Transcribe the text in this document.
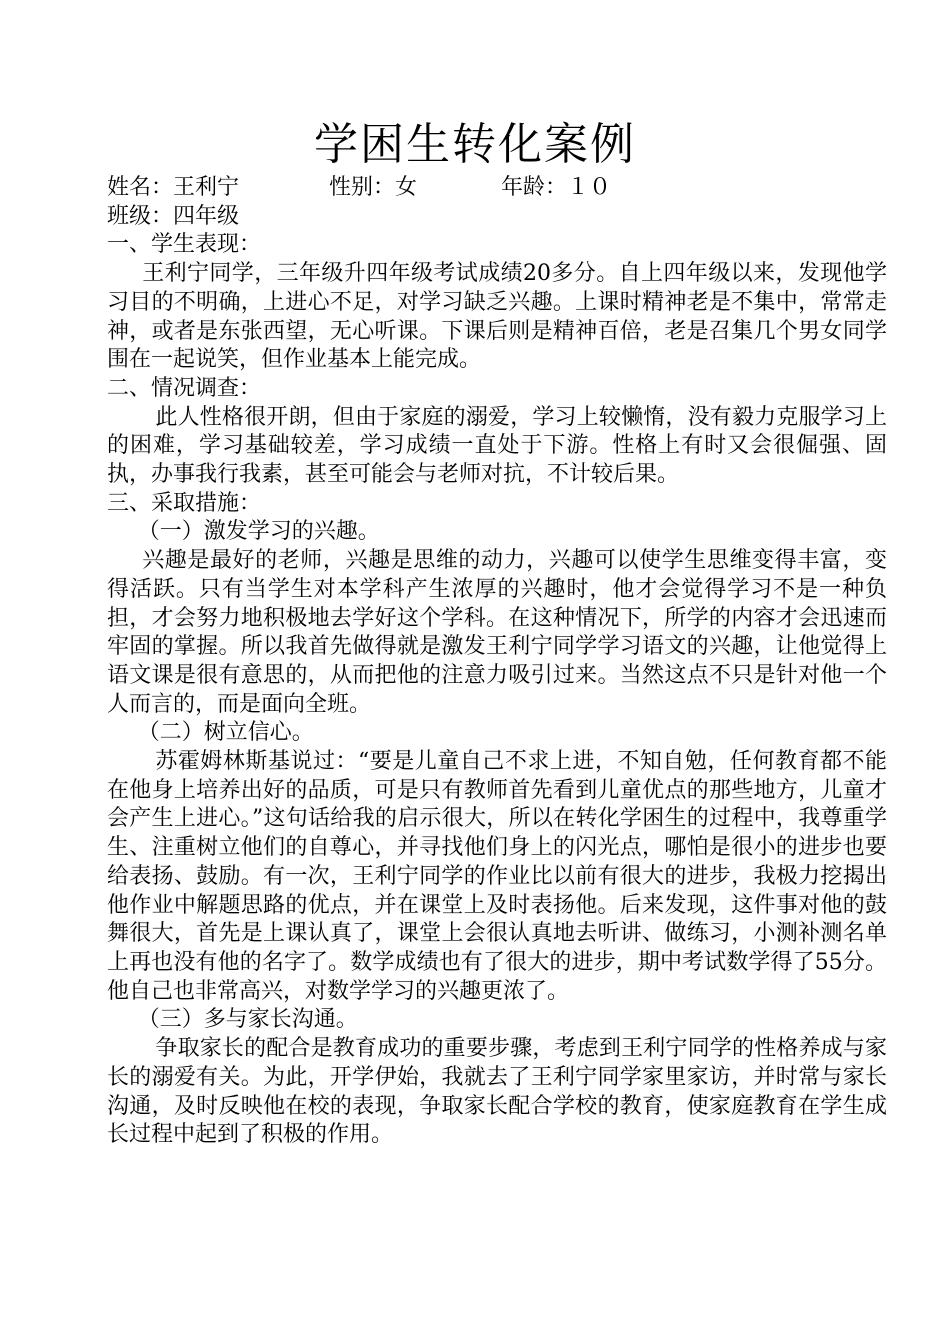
学困生转化案例
姓名：王利宁	性别：女	年龄：１０
班级：四年级
一、学生表现：

王利宁同学，三年级升四年级考试成绩20多分。自上四年级以来，发现他学习目的不明确，上进心不足，对学习缺乏兴趣。上课时精神老是不集中，常常走神，或者是东张西望，无心听课。下课后则是精神百倍，老是召集几个男女同学围在一起说笑，但作业基本上能完成。

二、情况调查：

此人性格很开朗，但由于家庭的溺爱，学习上较懒惰，没有毅力克服学习上的困难，学习基础较差，学习成绩一直处于下游。性格上有时又会很倔强、固执，办事我行我素，甚至可能会与老师对抗，不计较后果。

三、采取措施：
（一）激发学习的兴趣。

兴趣是最好的老师，兴趣是思维的动力，兴趣可以使学生思维变得丰富，变得活跃。只有当学生对本学科产生浓厚的兴趣时，他才会觉得学习不是一种负担，才会努力地积极地去学好这个学科。在这种情况下，所学的内容才会迅速而牢固的掌握。所以我首先做得就是激发王利宁同学学习语文的兴趣，让他觉得上语文课是很有意思的，从而把他的注意力吸引过来。当然这点不只是针对他一个人而言的，而是面向全班。

（二）树立信心。

苏霍姆林斯基说过：“要是儿童自己不求上进，不知自勉，任何教育都不能在他身上培养出好的品质，可是只有教师首先看到儿童优点的那些地方，儿童才会产生上进心。”这句话给我的启示很大，所以在转化学困生的过程中，我尊重学生、注重树立他们的自尊心，并寻找他们身上的闪光点，哪怕是很小的进步也要给表扬、鼓励。有一次，王利宁同学的作业比以前有很大的进步，我极力挖揭出他作业中解题思路的优点，并在课堂上及时表扬他。后来发现，这件事对他的鼓舞很大，首先是上课认真了，课堂上会很认真地去听讲、做练习，小测补测名单上再也没有他的名字了。数学成绩也有了很大的进步，期中考试数学得了55分。他自己也非常高兴，对数学学习的兴趣更浓了。

（三）多与家长沟通。

争取家长的配合是教育成功的重要步骤，考虑到王利宁同学的性格养成与家长的溺爱有关。为此，开学伊始，我就去了王利宁同学家里家访，并时常与家长沟通，及时反映他在校的表现，争取家长配合学校的教育，使家庭教育在学生成长过程中起到了积极的作用。
